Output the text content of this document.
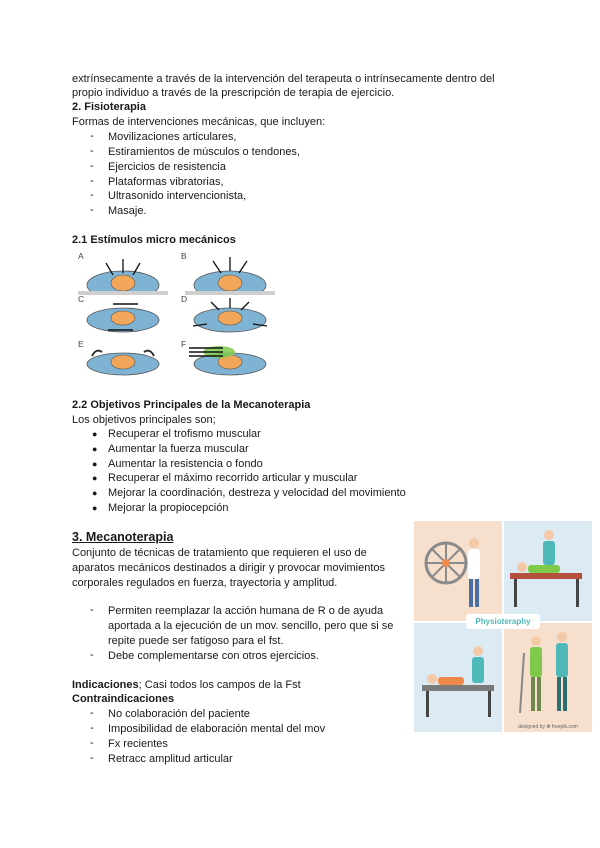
extrínsecamente a través de la intervención del terapeuta o intrínsecamente dentro del
propio individuo a través de la prescripción de terapia de ejercicio.
2. Fisioterapia
Formas de intervenciones mecánicas, que incluyen:
- Movilizaciones articulares,
- Estiramientos de músculos o tendones,
- Ejercicios de resistencia
- Plataformas vibratorias,
- Ultrasonido intervencionista,
- Masaje.
2.1 Estímulos micro mecánicos
A	B
C	D
E	F
2.2 Objetivos Principales de la Mecanoterapia
Los objetivos principales son;
● Recuperar el trofismo muscular
● Aumentar la fuerza muscular
● Aumentar la resistencia o fondo
● Recuperar el máximo recorrido articular y muscular
● Mejorar la coordinación, destreza y velocidad del movimiento
● Mejorar la propiocepción
3. Mecanoterapia
Conjunto de técnicas de tratamiento que requieren el uso de
aparatos mecánicos destinados a dirigir y provocar movimientos
corporales regulados en fuerza, trayectoria y amplitud.
- Permiten reemplazar la acción humana de R o de ayuda
aportada a la ejecución de un mov. sencillo, pero que si se
repite puede ser fatigoso para el fst.
- Debe complementarse con otros ejercicios.
Indicaciones; Casi todos los campos de la Fst
Contraindicaciones
- No colaboración del paciente
- Imposibilidad de elaboración mental del mov
- Fx recientes
- Retracc amplitud articular
Physioteraphy
designed by ❁ freepik.com
